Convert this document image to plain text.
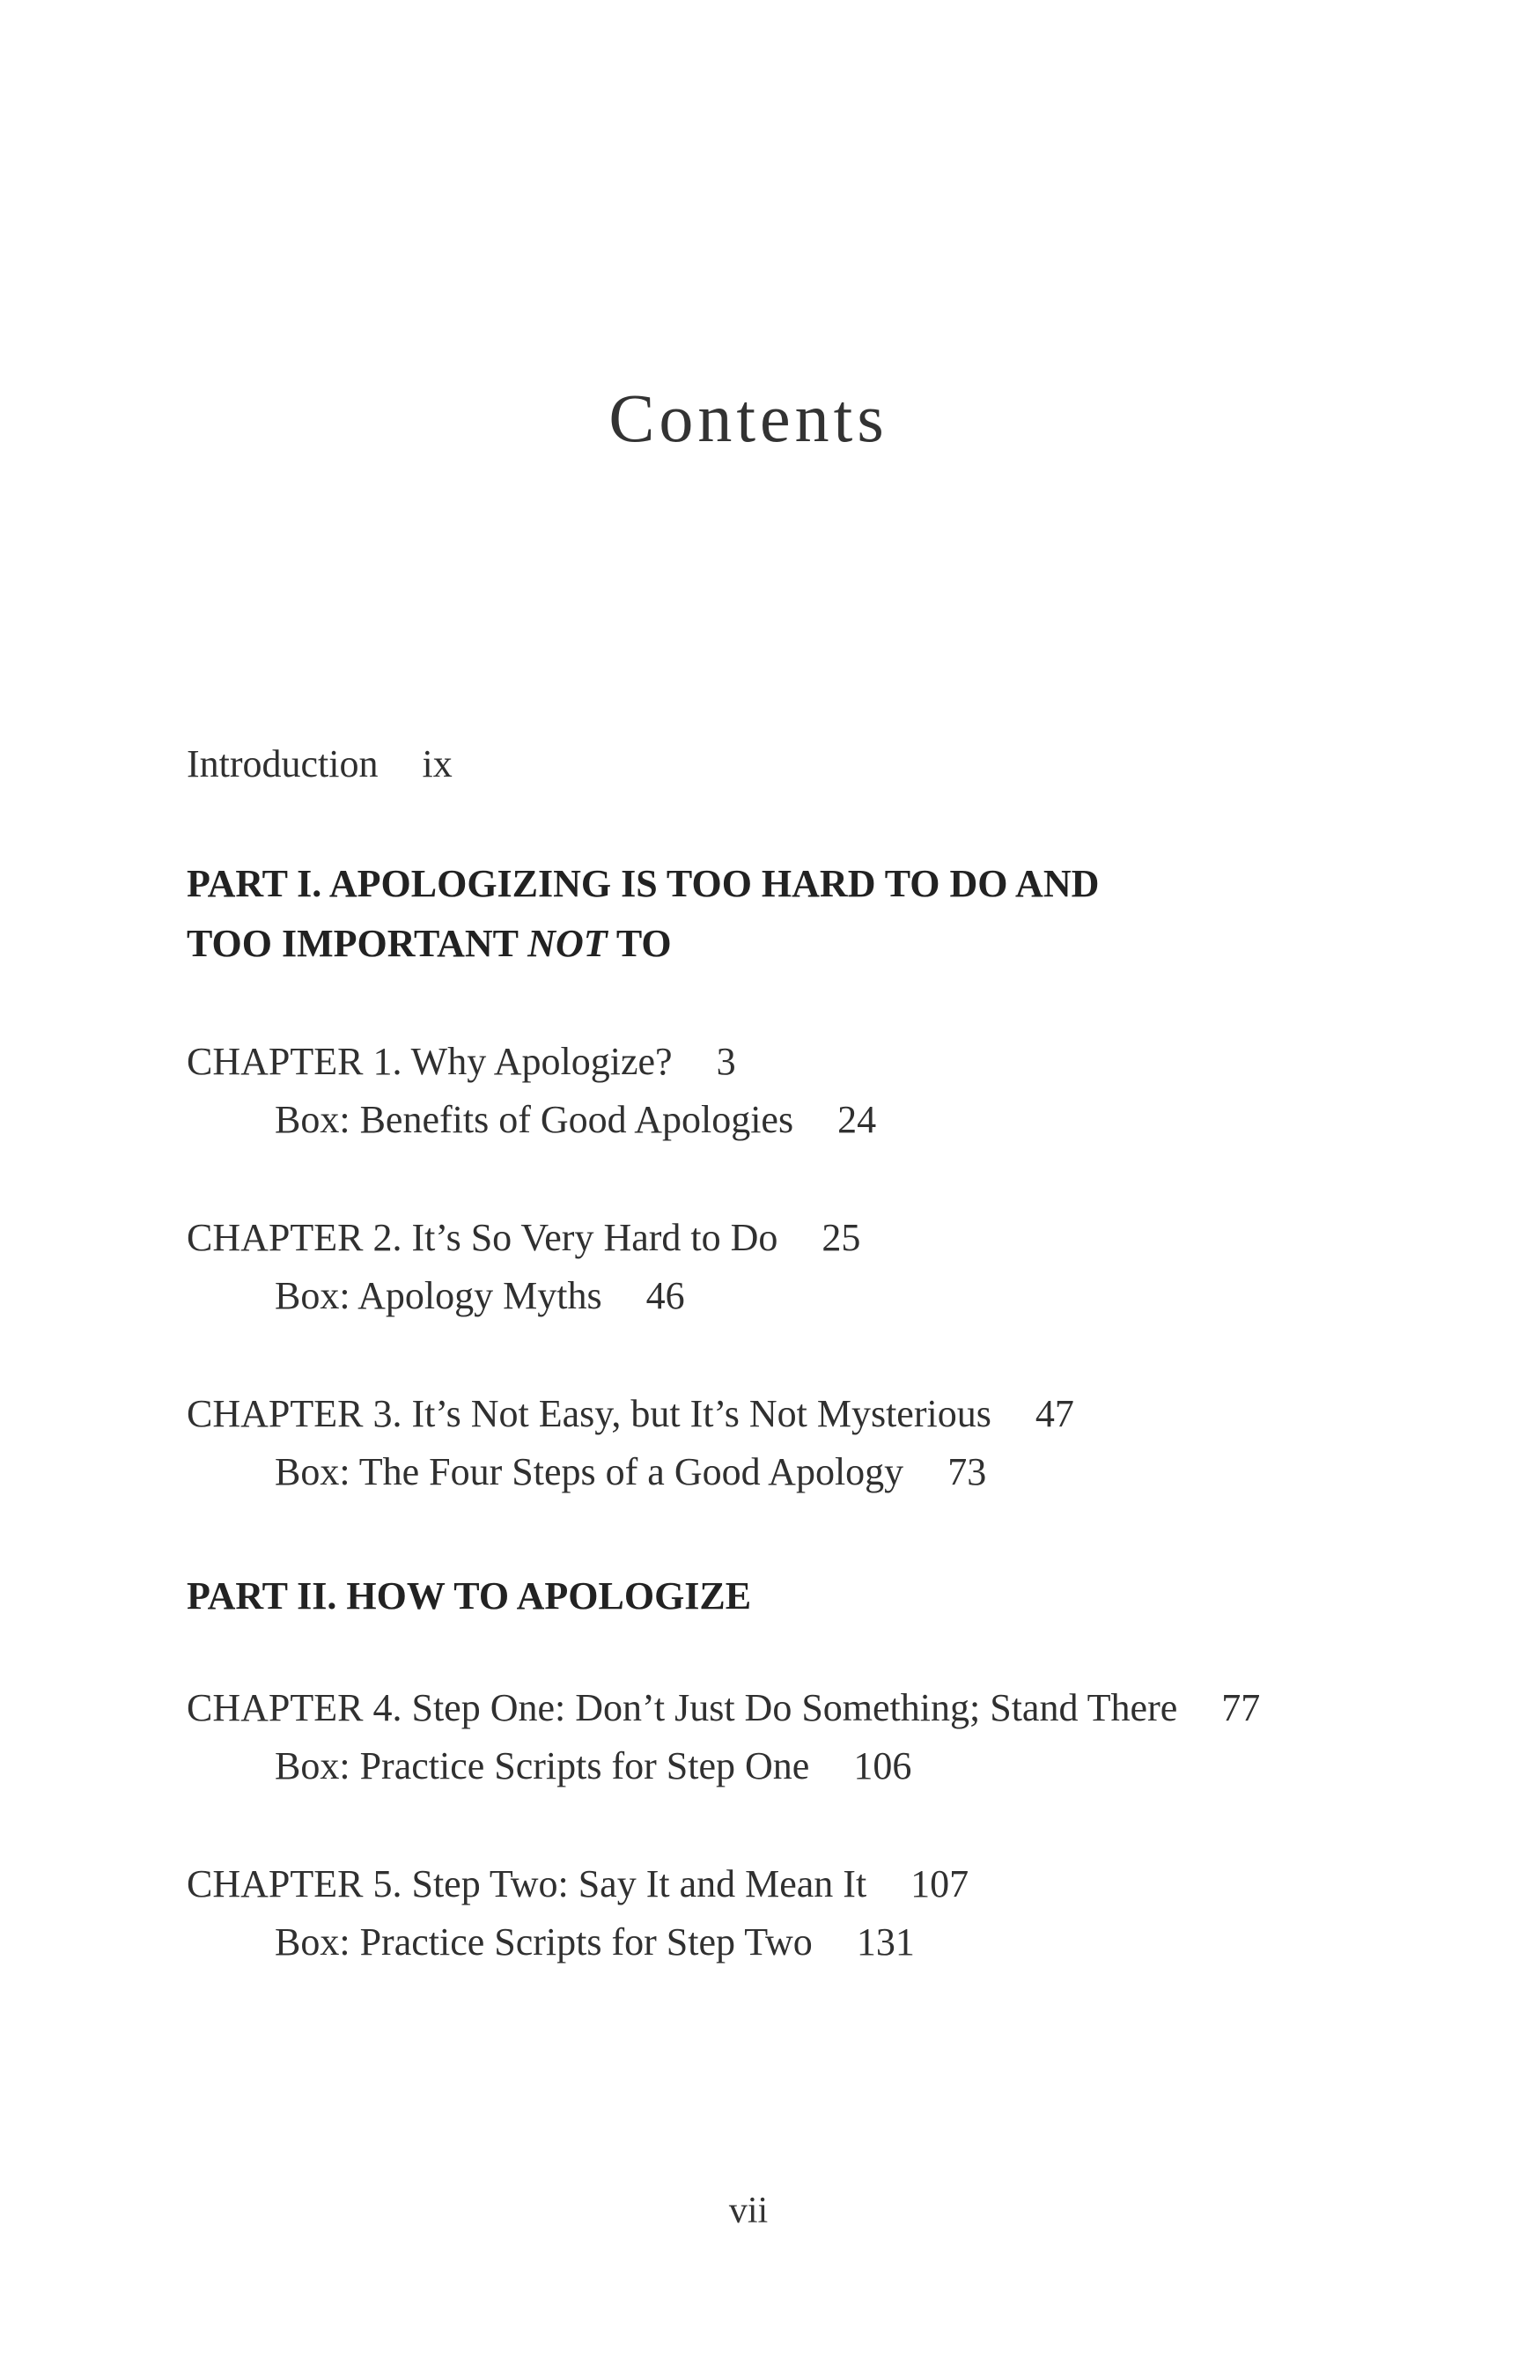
Contents
Introduction ix
PART I. APOLOGIZING IS TOO HARD TO DO AND
TOO IMPORTANT NOT TO
CHAPTER 1. Why Apologize? 3
Box: Benefits of Good Apologies 24
CHAPTER 2. It’s So Very Hard to Do 25
Box: Apology Myths 46
CHAPTER 3. It’s Not Easy, but It’s Not Mysterious 47
Box: The Four Steps of a Good Apology 73
PART II. HOW TO APOLOGIZE
CHAPTER 4. Step One: Don’t Just Do Something; Stand There 77
Box: Practice Scripts for Step One 106
CHAPTER 5. Step Two: Say It and Mean It 107
Box: Practice Scripts for Step Two 131
vii
